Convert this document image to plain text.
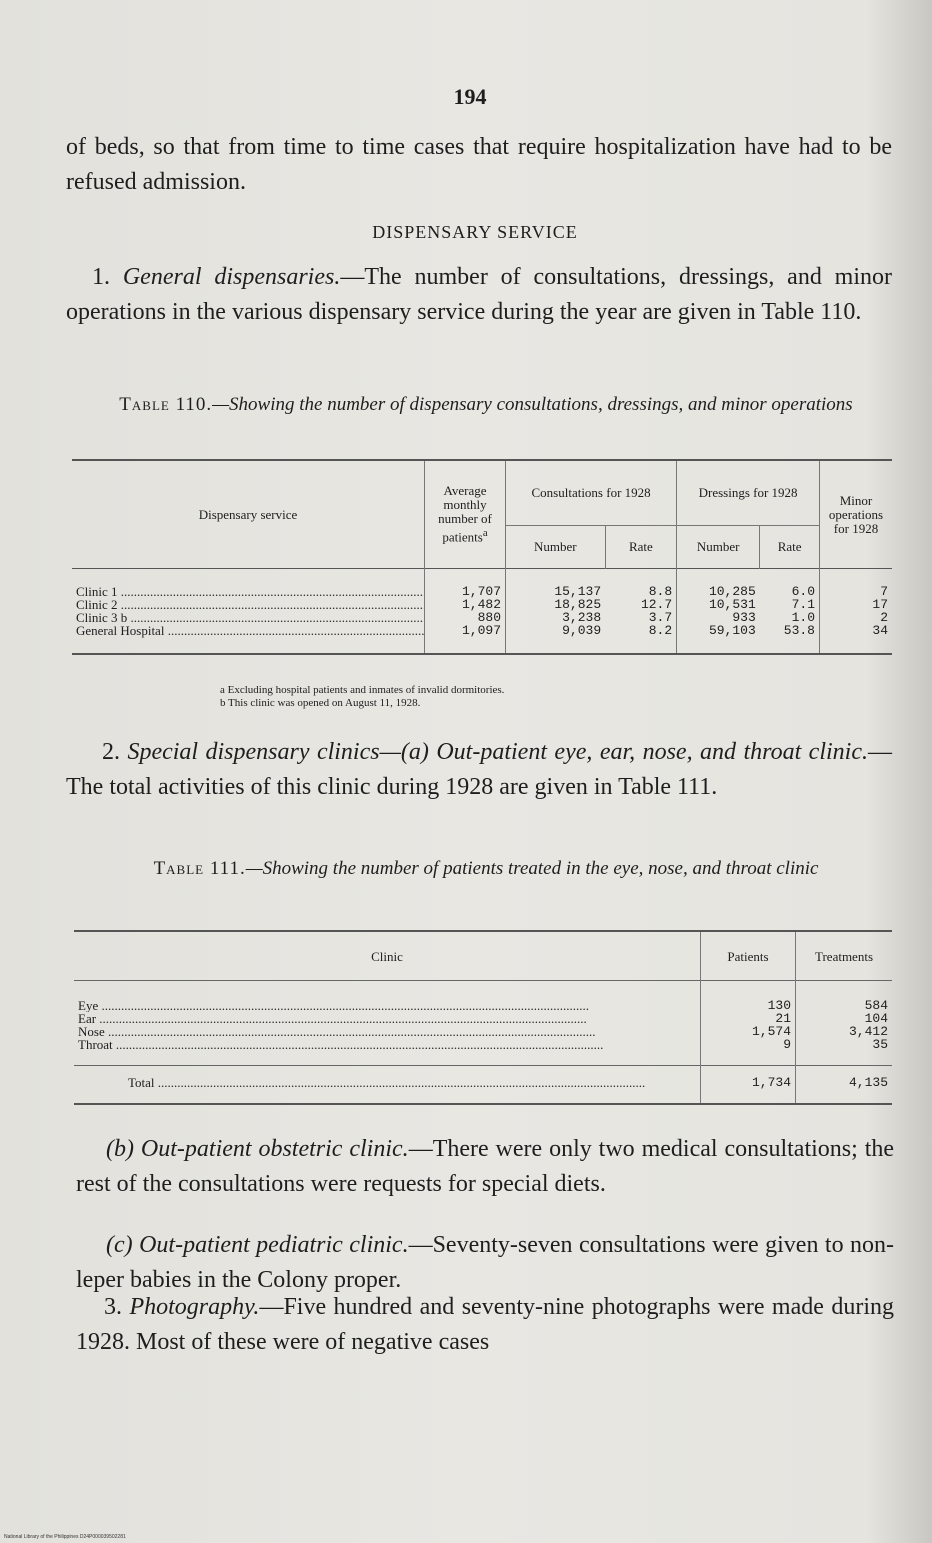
194
of beds, so that from time to time cases that require hospitalization have had to be refused admission.
DISPENSARY SERVICE
1. General dispensaries.—The number of consultations, dressings, and minor operations in the various dispensary service during the year are given in Table 110.
Table 110.—Showing the number of dispensary consultations, dressings, and minor operations
Dispensary service	Average monthly number of patients$^a$	Consultations for 1928		Dressings for 1928		Minor operations for 1928
		Number	Rate	Number	Rate	
Clinic 1 .....	1,707	15,137	8.8	10,285	6.0	7
Clinic 2 .....	1,482	18,825	12.7	10,531	7.1	17
Clinic 3 b .....	880	3,238	3.7	933	1.0	2
General Hospital .....	1,097	9,039	8.2	59,103	53.8	34
a Excluding hospital patients and inmates of invalid dormitories.
b This clinic was opened on August 11, 1928.
2. Special dispensary clinics—(a) Out-patient eye, ear, nose, and throat clinic.—The total activities of this clinic during 1928 are given in Table 111.
Table 111.—Showing the number of patients treated in the eye, nose, and throat clinic
Clinic	Patients	Treatments
Eye .....	130	584
Ear .....	21	104
Nose .....	1,574	3,412
Throat .....	9	35
Total .....	1,734	4,135
(b) Out-patient obstetric clinic.—There were only two medical consultations; the rest of the consultations were requests for special diets.
(c) Out-patient pediatric clinic.—Seventy-seven consultations were given to non-leper babies in the Colony proper.
3. Photography.—Five hundred and seventy-nine photographs were made during 1928. Most of these were of negative cases
National Library of the Philippines D24P000039502281
